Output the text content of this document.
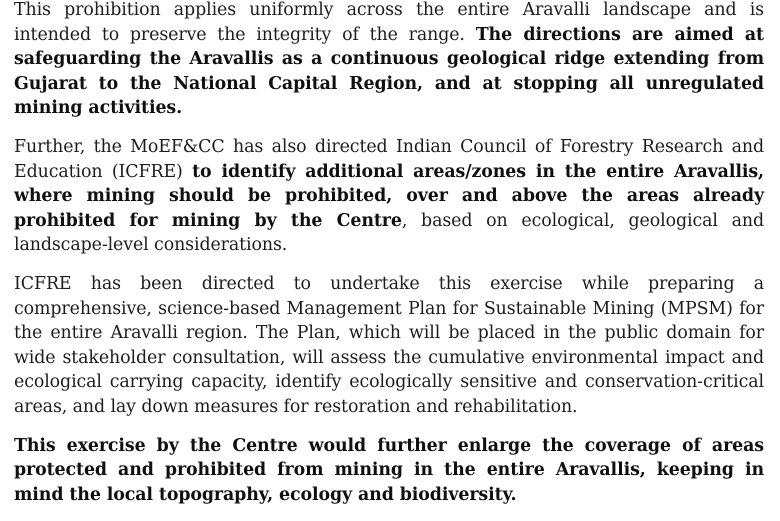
This prohibition applies uniformly across the entire Aravalli landscape and is intended to preserve the integrity of the range. The directions are aimed at safeguarding the Aravallis as a continuous geological ridge extending from Gujarat to the National Capital Region, and at stopping all unregulated mining activities.

Further, the MoEF&CC has also directed Indian Council of Forestry Research and Education (ICFRE) to identify additional areas/zones in the entire Aravallis, where mining should be prohibited, over and above the areas already prohibited for mining by the Centre, based on ecological, geological and landscape-level considerations.

ICFRE has been directed to undertake this exercise while preparing a comprehensive, science-based Management Plan for Sustainable Mining (MPSM) for the entire Aravalli region. The Plan, which will be placed in the public domain for wide stakeholder consultation, will assess the cumulative environmental impact and ecological carrying capacity, identify ecologically sensitive and conservation-critical areas, and lay down measures for restoration and rehabilitation.

This exercise by the Centre would further enlarge the coverage of areas protected and prohibited from mining in the entire Aravallis, keeping in mind the local topography, ecology and biodiversity.
